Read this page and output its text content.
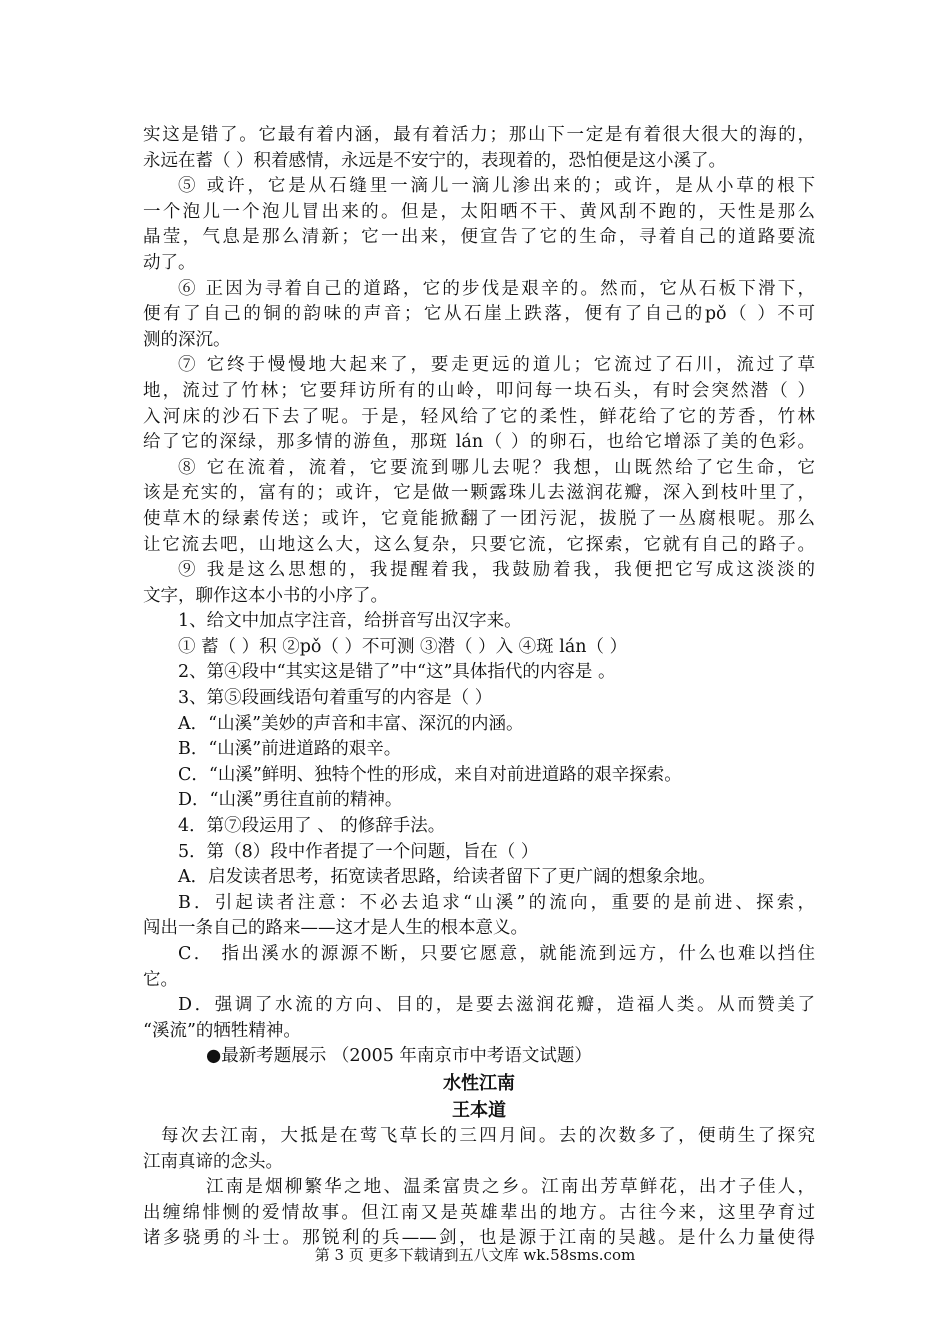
实这是错了。它最有着内涵，最有着活力；那山下一定是有着很大很大的海的，
永远在蓄（ ）积着感情，永远是不安宁的，表现着的，恐怕便是这小溪了。
⑤ 或许，它是从石缝里一滴儿一滴儿渗出来的；或许，是从小草的根下
一个泡儿一个泡儿冒出来的。但是，太阳晒不干、黄风刮不跑的，天性是那么
晶莹，气息是那么清新；它一出来，便宣告了它的生命，寻着自己的道路要流
动了。
⑥ 正因为寻着自己的道路，它的步伐是艰辛的。然而，它从石板下滑下，
便有了自己的铜的韵味的声音；它从石崖上跌落，便有了自己的pǒ（ ）不可
测的深沉。
⑦ 它终于慢慢地大起来了，要走更远的道儿；它流过了石川，流过了草
地，流过了竹林；它要拜访所有的山岭，叩问每一块石头，有时会突然潜（ ）
入河床的沙石下去了呢。于是，轻风给了它的柔性，鲜花给了它的芳香，竹林
给了它的深绿，那多情的游鱼，那斑 lán（ ）的卵石，也给它增添了美的色彩。
⑧ 它在流着，流着，它要流到哪儿去呢？我想，山既然给了它生命，它
该是充实的，富有的；或许，它是做一颗露珠儿去滋润花瓣，深入到枝叶里了，
使草木的绿素传送；或许，它竟能掀翻了一团污泥，拔脱了一丛腐根呢。那么
让它流去吧，山地这么大，这么复杂，只要它流，它探索，它就有自己的路子。
⑨ 我是这么思想的，我提醒着我，我鼓励着我，我便把它写成这淡淡的
文字，聊作这本小书的小序了。
1、给文中加点字注音，给拼音写出汉字来。
① 蓄（ ）积 ②pǒ（ ）不可测 ③潜（ ）入 ④斑 lán（ ）
2、第④段中“其实这是错了”中“这”具体指代的内容是 。
3、第⑤段画线语句着重写的内容是（ ）
A．“山溪”美妙的声音和丰富、深沉的内涵。
B．“山溪”前进道路的艰辛。
C．“山溪”鲜明、独特个性的形成，来自对前进道路的艰辛探索。
D．“山溪”勇往直前的精神。
4．第⑦段运用了 、 的修辞手法。
5．第（8）段中作者提了一个问题，旨在（ ）
A．启发读者思考，拓宽读者思路，给读者留下了更广阔的想象余地。
B．引起读者注意：不必去追求“山溪”的流向，重要的是前进、探索，
闯出一条自己的路来——这才是人生的根本意义。
C． 指出溪水的源源不断，只要它愿意，就能流到远方，什么也难以挡住
它。
D．强调了水流的方向、目的，是要去滋润花瓣，造福人类。从而赞美了
“溪流”的牺牲精神。
●最新考题展示 （2005 年南京市中考语文试题）
水性江南
王本道
每次去江南，大抵是在莺飞草长的三四月间。去的次数多了，便萌生了探究
江南真谛的念头。
江南是烟柳繁华之地、温柔富贵之乡。江南出芳草鲜花，出才子佳人，
出缠绵悱恻的爱情故事。但江南又是英雄辈出的地方。古往今来，这里孕育过
诸多骁勇的斗士。那锐利的兵——剑，也是源于江南的吴越。是什么力量使得
第 3 页 更多下载请到五八文库 wk.58sms.com
